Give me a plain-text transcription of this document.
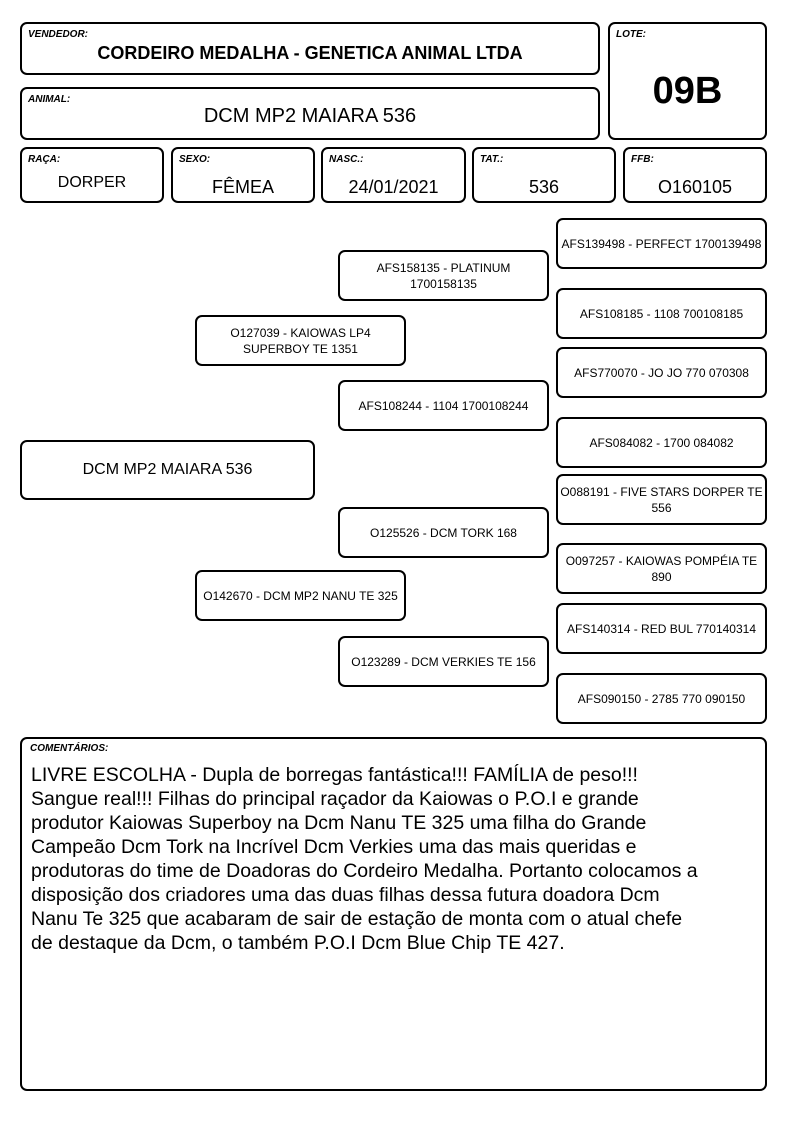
VENDEDOR:
CORDEIRO MEDALHA - GENETICA ANIMAL LTDA
LOTE:
09B
ANIMAL:
DCM MP2 MAIARA 536
RAÇA:
DORPER
SEXO:
FÊMEA
NASC.:
24/01/2021
TAT.:
536
FFB:
O160105
AFS139498 - PERFECT 1700139498
AFS108185 - 1108 700108185
AFS770070 - JO JO 770 070308
AFS084082 - 1700 084082
O088191 - FIVE STARS DORPER TE 556
O097257 - KAIOWAS POMPÉIA TE 890
AFS140314 - RED BUL 770140314
AFS090150 - 2785 770 090150
AFS158135 - PLATINUM 1700158135
AFS108244 - 1104 1700108244
O125526 - DCM TORK 168
O123289 - DCM VERKIES TE 156
O127039 - KAIOWAS LP4 SUPERBOY TE 1351
O142670 - DCM MP2 NANU TE 325
DCM MP2 MAIARA 536
COMENTÁRIOS:
LIVRE ESCOLHA - Dupla de borregas fantástica!!! FAMÍLIA de peso!!!
Sangue real!!! Filhas do principal raçador da Kaiowas o P.O.I e grande
produtor Kaiowas Superboy na Dcm Nanu TE 325 uma filha do Grande
Campeão Dcm Tork na Incrível Dcm Verkies uma das mais queridas e
produtoras do time de Doadoras do Cordeiro Medalha. Portanto colocamos a
disposição dos criadores uma das duas filhas dessa futura doadora Dcm
Nanu Te 325 que acabaram de sair de estação de monta com o atual chefe
de destaque da Dcm, o também P.O.I Dcm Blue Chip TE 427.
